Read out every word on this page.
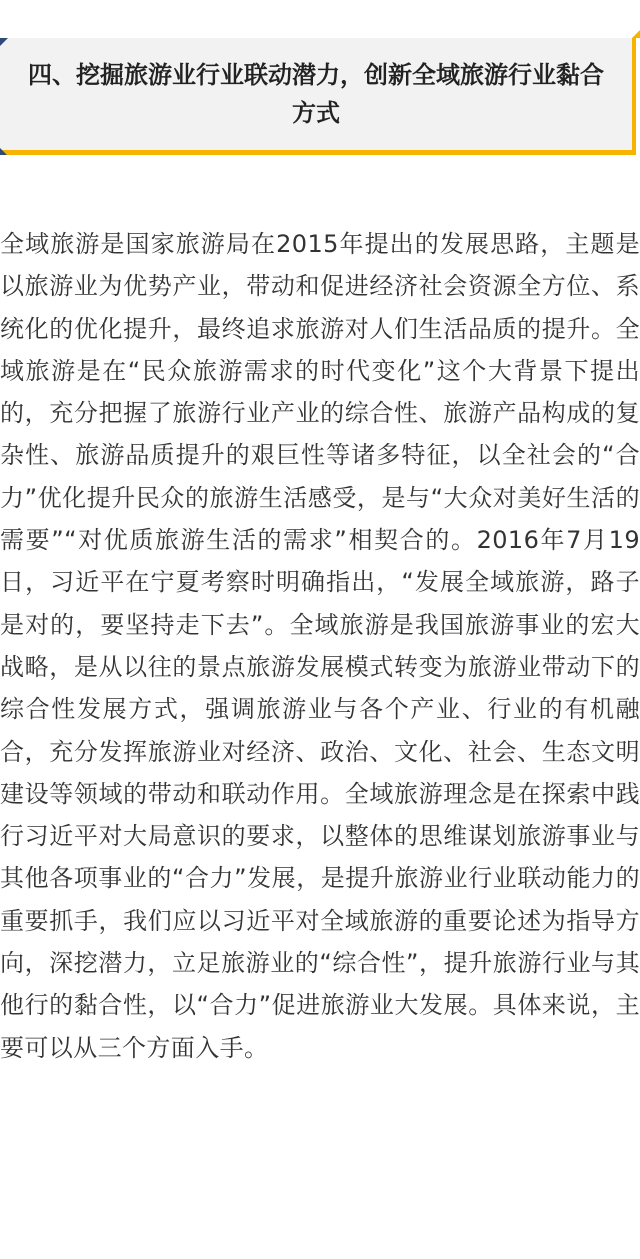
四、挖掘旅游业行业联动潜力，创新全域旅游行业黏合方式

全域旅游是国家旅游局在2015年提出的发展思路，主题是以旅游业为优势产业，带动和促进经济社会资源全方位、系统化的优化提升，最终追求旅游对人们生活品质的提升。全域旅游是在“民众旅游需求的时代变化”这个大背景下提出的，充分把握了旅游行业产业的综合性、旅游产品构成的复杂性、旅游品质提升的艰巨性等诸多特征，以全社会的“合力”优化提升民众的旅游生活感受，是与“大众对美好生活的需要”“对优质旅游生活的需求”相契合的。2016年7月19日，习近平在宁夏考察时明确指出，“发展全域旅游，路子是对的，要坚持走下去”。全域旅游是我国旅游事业的宏大战略，是从以往的景点旅游发展模式转变为旅游业带动下的综合性发展方式，强调旅游业与各个产业、行业的有机融合，充分发挥旅游业对经济、政治、文化、社会、生态文明建设等领域的带动和联动作用。全域旅游理念是在探索中践行习近平对大局意识的要求，以整体的思维谋划旅游事业与其他各项事业的“合力”发展，是提升旅游业行业联动能力的重要抓手，我们应以习近平对全域旅游的重要论述为指导方向，深挖潜力，立足旅游业的“综合性”，提升旅游行业与其他行的黏合性，以“合力”促进旅游业大发展。具体来说，主要可以从三个方面入手。
